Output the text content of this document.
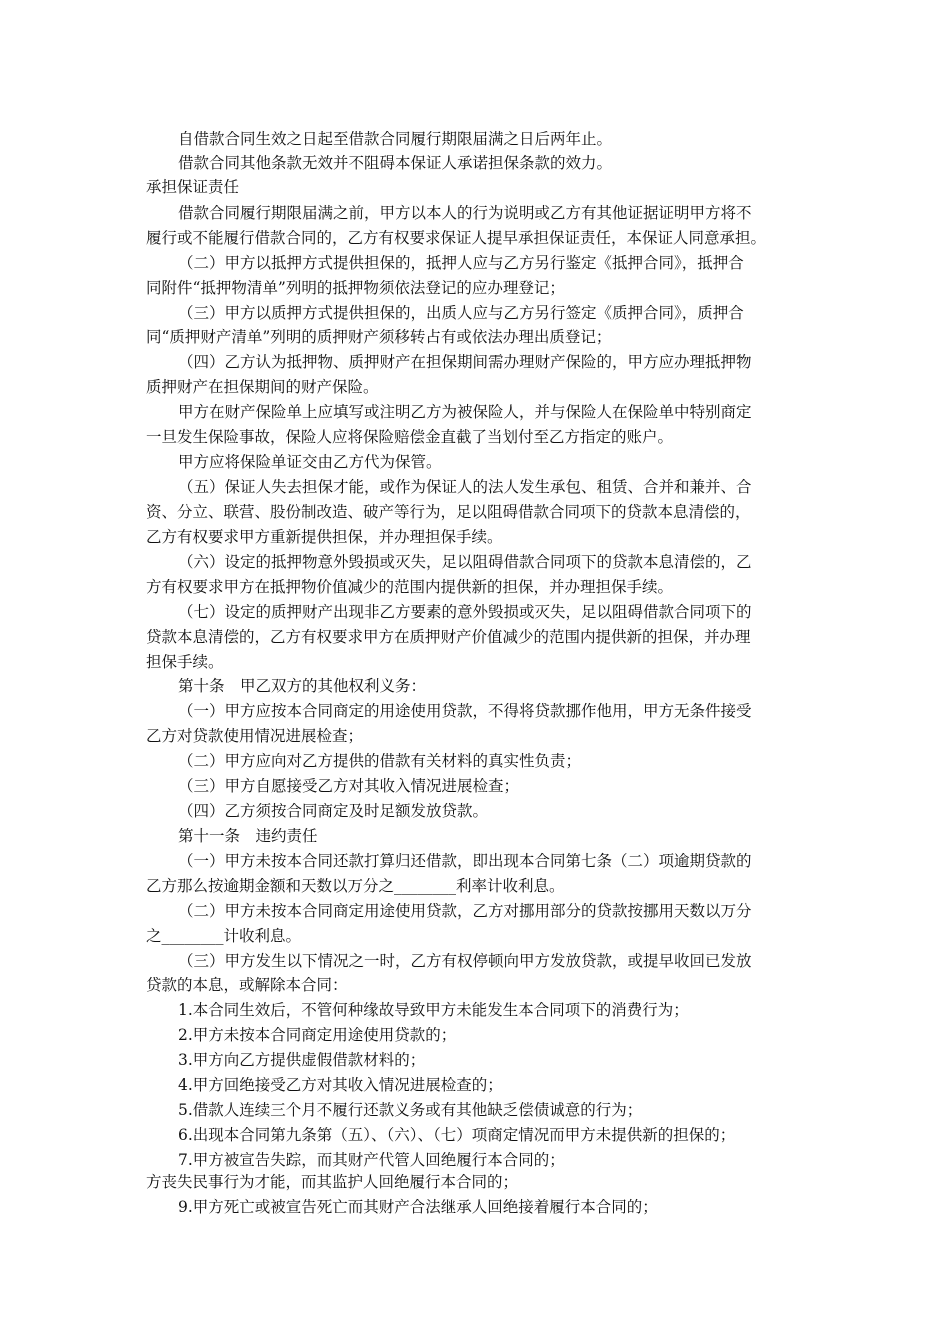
自借款合同生效之日起至借款合同履行期限届满之日后两年止。
借款合同其他条款无效并不阻碍本保证人承诺担保条款的效力。
承担保证责任
借款合同履行期限届满之前，甲方以本人的行为说明或乙方有其他证据证明甲方将不
履行或不能履行借款合同的，乙方有权要求保证人提早承担保证责任，本保证人同意承担。
（二）甲方以抵押方式提供担保的，抵押人应与乙方另行鉴定《抵押合同》，抵押合
同附件“抵押物清单”列明的抵押物须依法登记的应办理登记；
（三）甲方以质押方式提供担保的，出质人应与乙方另行签定《质押合同》，质押合
同“质押财产清单”列明的质押财产须移转占有或依法办理出质登记；
（四）乙方认为抵押物、质押财产在担保期间需办理财产保险的，甲方应办理抵押物
质押财产在担保期间的财产保险。
甲方在财产保险单上应填写或注明乙方为被保险人，并与保险人在保险单中特别商定
一旦发生保险事故，保险人应将保险赔偿金直截了当划付至乙方指定的账户。
甲方应将保险单证交由乙方代为保管。
（五）保证人失去担保才能，或作为保证人的法人发生承包、租赁、合并和兼并、合
资、分立、联营、股份制改造、破产等行为，足以阻碍借款合同项下的贷款本息清偿的，
乙方有权要求甲方重新提供担保，并办理担保手续。
（六）设定的抵押物意外毁损或灭失，足以阻碍借款合同项下的贷款本息清偿的，乙
方有权要求甲方在抵押物价值减少的范围内提供新的担保，并办理担保手续。
（七）设定的质押财产出现非乙方要素的意外毁损或灭失，足以阻碍借款合同项下的
贷款本息清偿的，乙方有权要求甲方在质押财产价值减少的范围内提供新的担保，并办理
担保手续。
第十条　甲乙双方的其他权利义务：
（一）甲方应按本合同商定的用途使用贷款，不得将贷款挪作他用，甲方无条件接受
乙方对贷款使用情况进展检查；
（二）甲方应向对乙方提供的借款有关材料的真实性负责；
（三）甲方自愿接受乙方对其收入情况进展检查；
（四）乙方须按合同商定及时足额发放贷款。
第十一条　违约责任
（一）甲方未按本合同还款打算归还借款，即出现本合同第七条（二）项逾期贷款的
乙方那么按逾期金额和天数以万分之________利率计收利息。
（二）甲方未按本合同商定用途使用贷款，乙方对挪用部分的贷款按挪用天数以万分
之________计收利息。
（三）甲方发生以下情况之一时，乙方有权停顿向甲方发放贷款，或提早收回已发放
贷款的本息，或解除本合同：
1.本合同生效后，不管何种缘故导致甲方未能发生本合同项下的消费行为；
2.甲方未按本合同商定用途使用贷款的；
3.甲方向乙方提供虚假借款材料的；
4.甲方回绝接受乙方对其收入情况进展检查的；
5.借款人连续三个月不履行还款义务或有其他缺乏偿债诚意的行为；
6.出现本合同第九条第（五）、（六）、（七）项商定情况而甲方未提供新的担保的；
7.甲方被宣告失踪，而其财产代管人回绝履行本合同的；
方丧失民事行为才能，而其监护人回绝履行本合同的；
9.甲方死亡或被宣告死亡而其财产合法继承人回绝接着履行本合同的；
